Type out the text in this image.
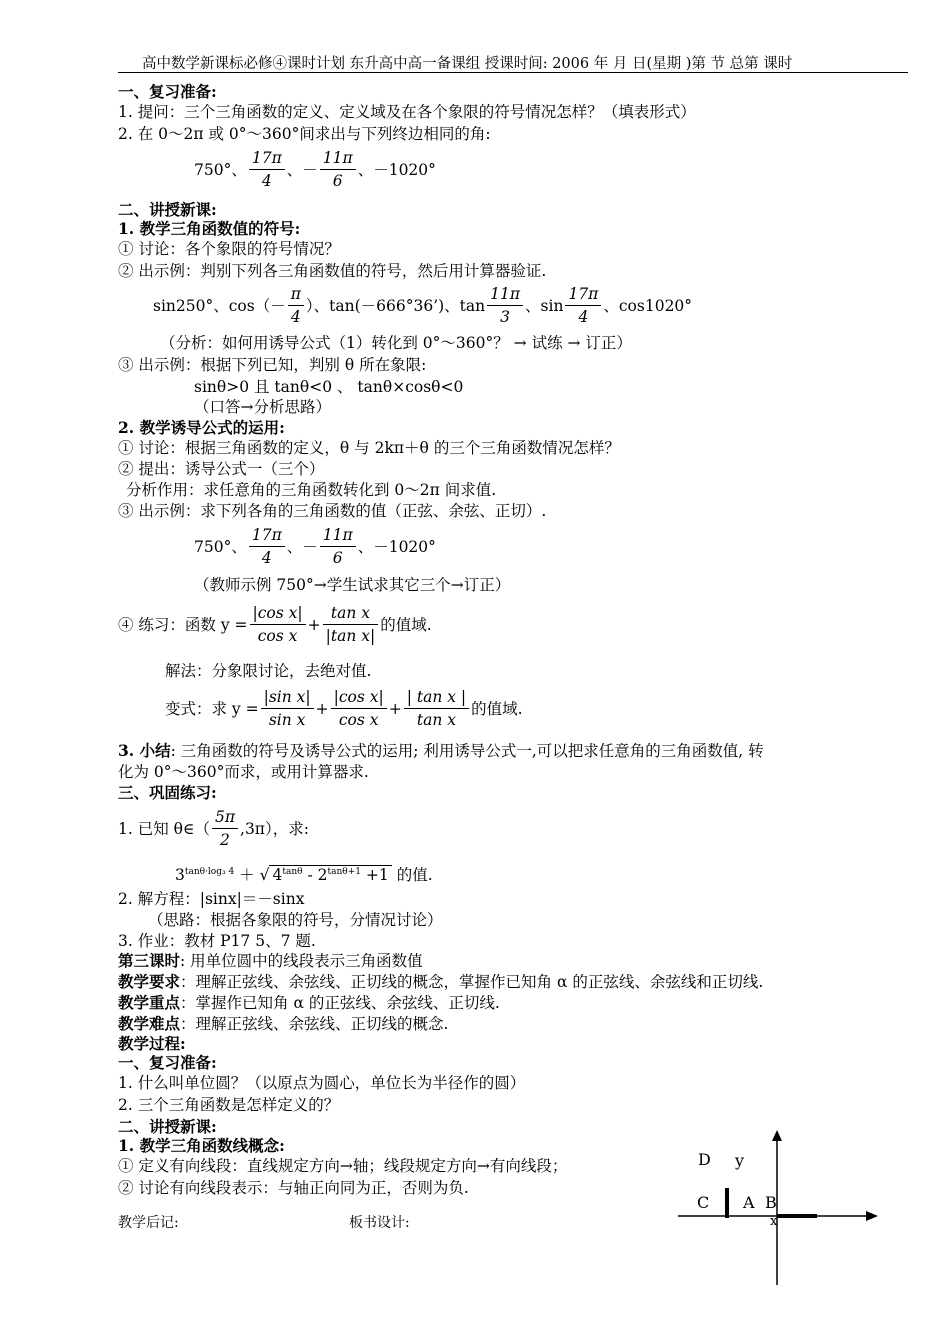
高中数学新课标必修④课时计划 东升高中高一备课组 授课时间: 2006 年 月 日(星期 )第 节 总第 课时
一、复习准备:
1. 提问：三个三角函数的定义、定义域及在各个象限的符号情况怎样？（填表形式）
2. 在 0～2π 或 0°～360°间求出与下列终边相同的角:
750°、 $\frac{17\pi}{4}$ 、－ $\frac{11\pi}{6}$ 、－1020°
二、讲授新课:
1. 教学三角函数值的符号:
① 讨论：各个象限的符号情况？
② 出示例：判别下列各三角函数值的符号，然后用计算器验证.
sin250°、$\cos(- \frac{\pi}{4}$ ）、tan(－666°36’)、$\tan \frac{11\pi}{3}$ 、$\sin \frac{17\pi}{4}$ 、cos1020°
（分析：如何用诱导公式（1）转化到 0°～360°？ → 试练 → 订正）
③ 出示例：根据下列已知，判别 θ 所在象限:
sinθ>0 且 tanθ<0 、 tanθ×cosθ<0
（口答→分析思路）
2. 教学诱导公式的运用:
① 讨论：根据三角函数的定义，θ 与 2kπ＋θ 的三个三角函数情况怎样？
② 提出：诱导公式一（三个）
分析作用：求任意角的三角函数转化到 0～2π 间求值.
③ 出示例：求下列各角的三角函数的值（正弦、余弦、正切）.
750°、 $\frac{17\pi}{4}$ 、－ $\frac{11\pi}{6}$ 、－1020°
（教师示例 750°→学生试求其它三个→订正）
④ 练习：函数 $y = \frac{\text{|cos x|}}{\text{cos x}} + \frac{\text{tan x}}{\text{|tan x|}}$ 的值域.
解法：分象限讨论，去绝对值.
变式：求 $y = \frac{\text{|sin x|}}{\text{sin x}} + \frac{\text{|cos x|}}{\text{cos x}} + \frac{\text{| tan x |}}{\text{tan x}}$ 的值域.
3. 小结: 三角函数的符号及诱导公式的运用; 利用诱导公式一,可以把求任意角的三角函数值, 转
化为 0°～360°而求，或用计算器求.
三、巩固练习:
1. 已知 θ∈（ $\frac{5\pi}{2} ,3\pi$），求:
$3^{tan\theta\cdot log_3 4}$ ＋ √ $4^{tan\theta} - 2^{tan\theta+1} +1$ 的值.
2. 解方程：|sinx|＝－sinx
（思路：根据各象限的符号，分情况讨论）
3. 作业：教材 P17 5、7 题.
第三课时: 用单位圆中的线段表示三角函数值
教学要求：理解正弦线、余弦线、正切线的概念，掌握作已知角 α 的正弦线、余弦线和正切线.
教学重点：掌握作已知角 α 的正弦线、余弦线、正切线.
教学难点：理解正弦线、余弦线、正切线的概念.
教学过程:
一、复习准备:
1. 什么叫单位圆？（以原点为圆心，单位长为半径作的圆）
2. 三个三角函数是怎样定义的？
二、讲授新课:
1. 教学三角函数线概念:
① 定义有向线段：直线规定方向→轴；线段规定方向→有向线段；
② 讨论有向线段表示：与轴正向同为正，否则为负.
教学后记:	板书设计:
D y
C A B
x
